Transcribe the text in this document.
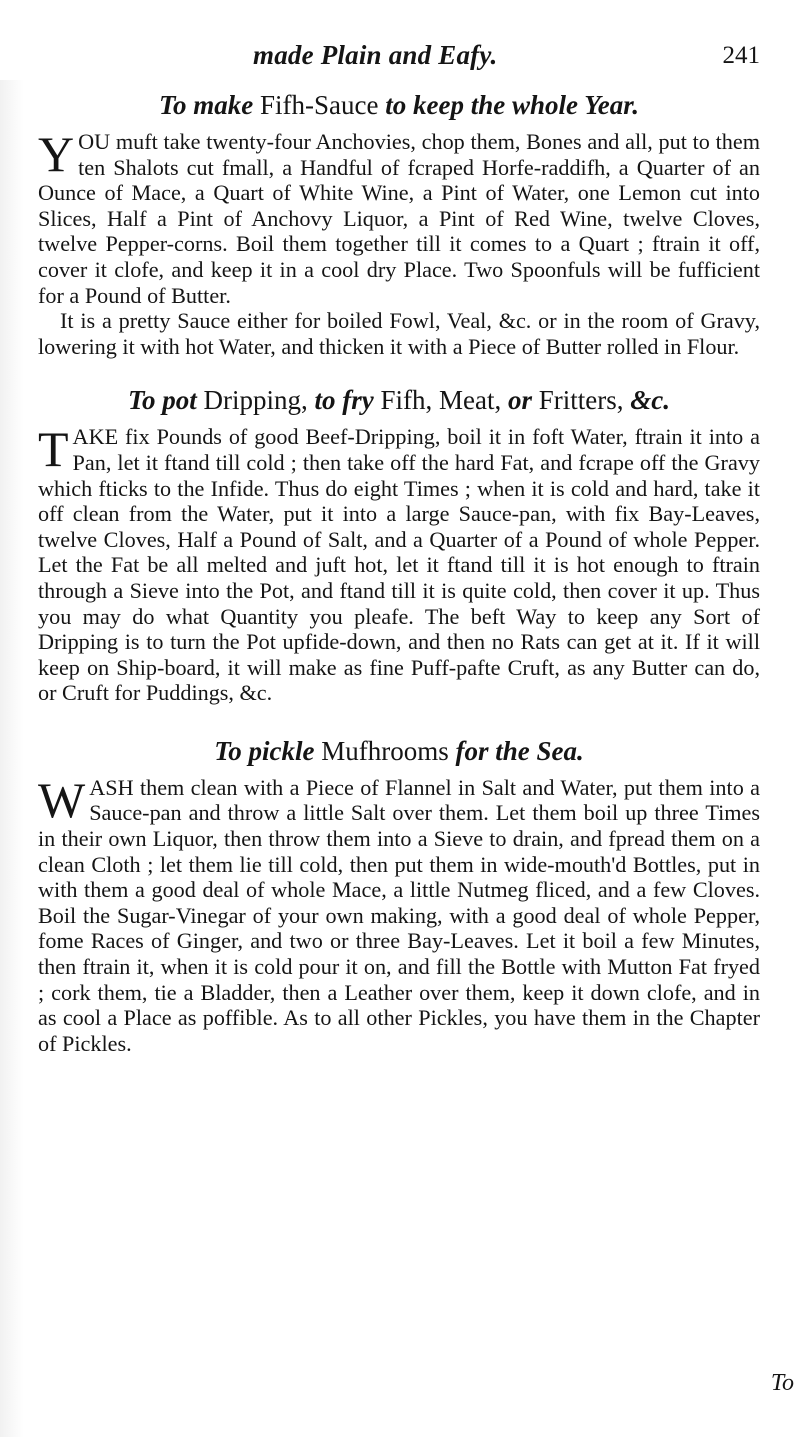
made Plain and Eafy.	241
To make Fifh-Sauce to keep the whole Year.

YOU muft take twenty-four Anchovies, chop them, Bones and all, put to them ten Shalots cut fmall, a Handful of fcraped Horfe-raddifh, a Quarter of an Ounce of Mace, a Quart of White Wine, a Pint of Water, one Lemon cut into Slices, Half a Pint of Anchovy Liquor, a Pint of Red Wine, twelve Cloves, twelve Pepper-corns. Boil them together till it comes to a Quart ; ftrain it off, cover it clofe, and keep it in a cool dry Place. Two Spoonfuls will be fufficient for a Pound of Butter.

It is a pretty Sauce either for boiled Fowl, Veal, &c. or in the room of Gravy, lowering it with hot Water, and thicken it with a Piece of Butter rolled in Flour.

To pot Dripping, to fry Fifh, Meat, or Fritters, &c.

TAKE fix Pounds of good Beef-Dripping, boil it in foft Water, ftrain it into a Pan, let it ftand till cold ; then take off the hard Fat, and fcrape off the Gravy which fticks to the Infide. Thus do eight Times ; when it is cold and hard, take it off clean from the Water, put it into a large Sauce-pan, with fix Bay-Leaves, twelve Cloves, Half a Pound of Salt, and a Quarter of a Pound of whole Pepper. Let the Fat be all melted and juft hot, let it ftand till it is hot enough to ftrain through a Sieve into the Pot, and ftand till it is quite cold, then cover it up. Thus you may do what Quantity you pleafe. The beft Way to keep any Sort of Dripping is to turn the Pot upfide-down, and then no Rats can get at it. If it will keep on Ship-board, it will make as fine Puff-pafte Cruft, as any Butter can do, or Cruft for Puddings, &c.

To pickle Mufhrooms for the Sea.

WASH them clean with a Piece of Flannel in Salt and Water, put them into a Sauce-pan and throw a little Salt over them. Let them boil up three Times in their own Liquor, then throw them into a Sieve to drain, and fpread them on a clean Cloth ; let them lie till cold, then put them in wide-mouth'd Bottles, put in with them a good deal of whole Mace, a little Nutmeg fliced, and a few Cloves. Boil the Sugar-Vinegar of your own making, with a good deal of whole Pepper, fome Races of Ginger, and two or three Bay-Leaves. Let it boil a few Minutes, then ftrain it, when it is cold pour it on, and fill the Bottle with Mutton Fat fryed ; cork them, tie a Bladder, then a Leather over them, keep it down clofe, and in as cool a Place as poffible. As to all other Pickles, you have them in the Chapter of Pickles.

To
